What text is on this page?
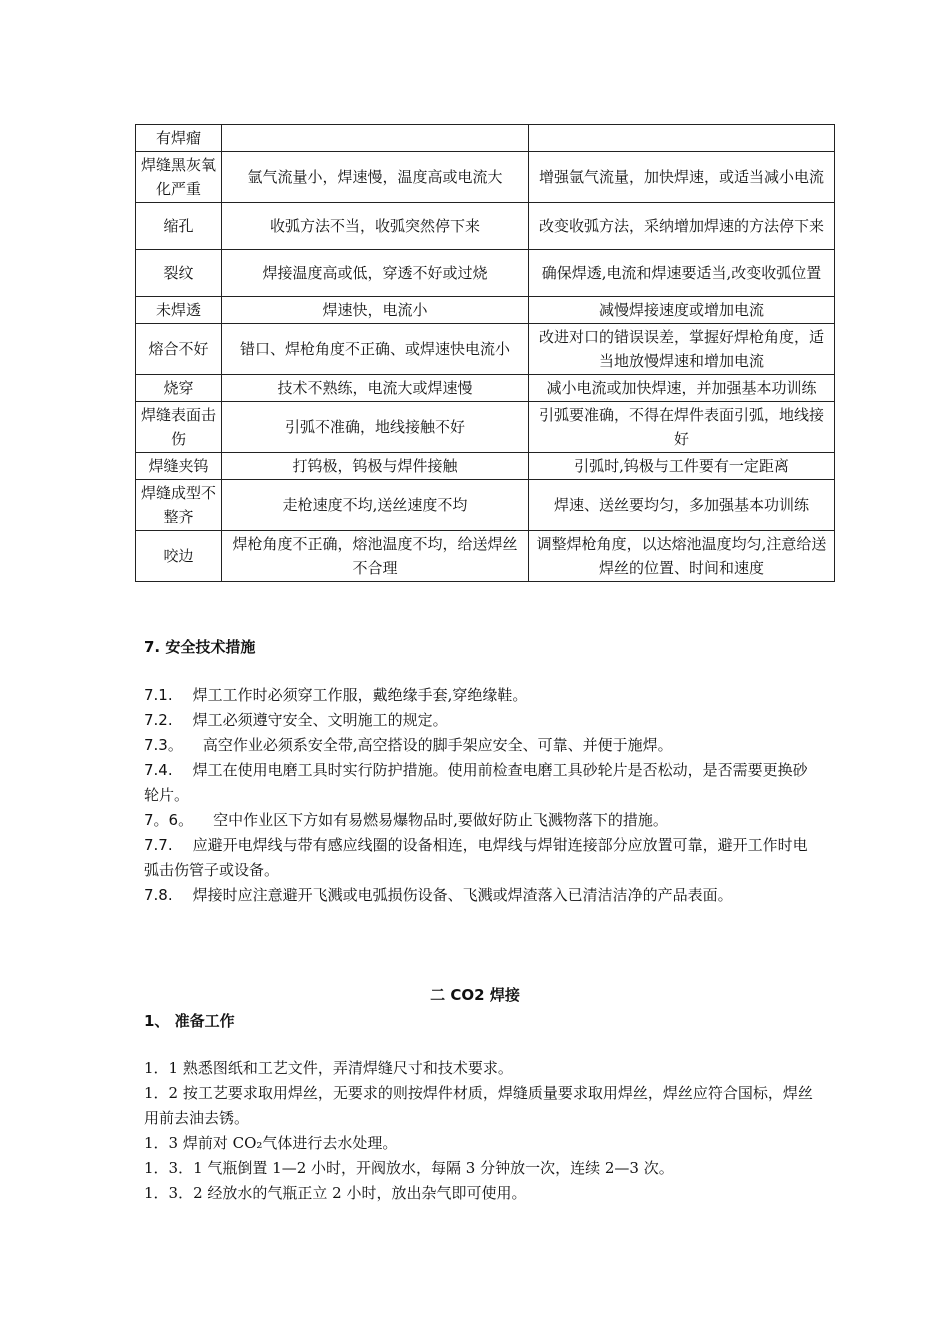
有焊瘤		
焊缝黑灰氧化严重	氩气流量小，焊速慢，温度高或电流大	增强氩气流量，加快焊速，或适当减小电流
缩孔	收弧方法不当，收弧突然停下来	改变收弧方法，采纳增加焊速的方法停下来
裂纹	焊接温度高或低，穿透不好或过烧	确保焊透,电流和焊速要适当,改变收弧位置
未焊透	焊速快，电流小	减慢焊接速度或增加电流
熔合不好	错口、焊枪角度不正确、或焊速快电流小	改进对口的错误误差，掌握好焊枪角度，适当地放慢焊速和增加电流
烧穿	技术不熟练，电流大或焊速慢	减小电流或加快焊速，并加强基本功训练
焊缝表面击伤	引弧不准确，地线接触不好	引弧要准确，不得在焊件表面引弧，地线接好
焊缝夹钨	打钨极，钨极与焊件接触	引弧时,钨极与工件要有一定距离
焊缝成型不整齐	走枪速度不均,送丝速度不均	焊速、送丝要均匀，多加强基本功训练
咬边	焊枪角度不正确，熔池温度不均，给送焊丝不合理	调整焊枪角度，以达熔池温度均匀,注意给送焊丝的位置、时间和速度
7. 安全技术措施
7.1. 焊工工作时必须穿工作服，戴绝缘手套,穿绝缘鞋。
7.2. 焊工必须遵守安全、文明施工的规定。
7.3。 高空作业必须系安全带,高空搭设的脚手架应安全、可靠、并便于施焊。
7.4. 焊工在使用电磨工具时实行防护措施。使用前检查电磨工具砂轮片是否松动，是否需要更换砂轮片。
7。6。 空中作业区下方如有易燃易爆物品时,要做好防止飞溅物落下的措施。
7.7. 应避开电焊线与带有感应线圈的设备相连，电焊线与焊钳连接部分应放置可靠，避开工作时电弧击伤管子或设备。
7.8. 焊接时应注意避开飞溅或电弧损伤设备、飞溅或焊渣落入已清洁洁净的产品表面。
二 CO2 焊接
1、 准备工作
1．1 熟悉图纸和工艺文件，弄清焊缝尺寸和技术要求。
1．2 按工艺要求取用焊丝，无要求的则按焊件材质，焊缝质量要求取用焊丝，焊丝应符合国标，焊丝用前去油去锈。
1．3 焊前对 CO₂气体进行去水处理。
1．3．1 气瓶倒置 1—2 小时，开阀放水，每隔 3 分钟放一次，连续 2—3 次。
1．3．2 经放水的气瓶正立 2 小时，放出杂气即可使用。
